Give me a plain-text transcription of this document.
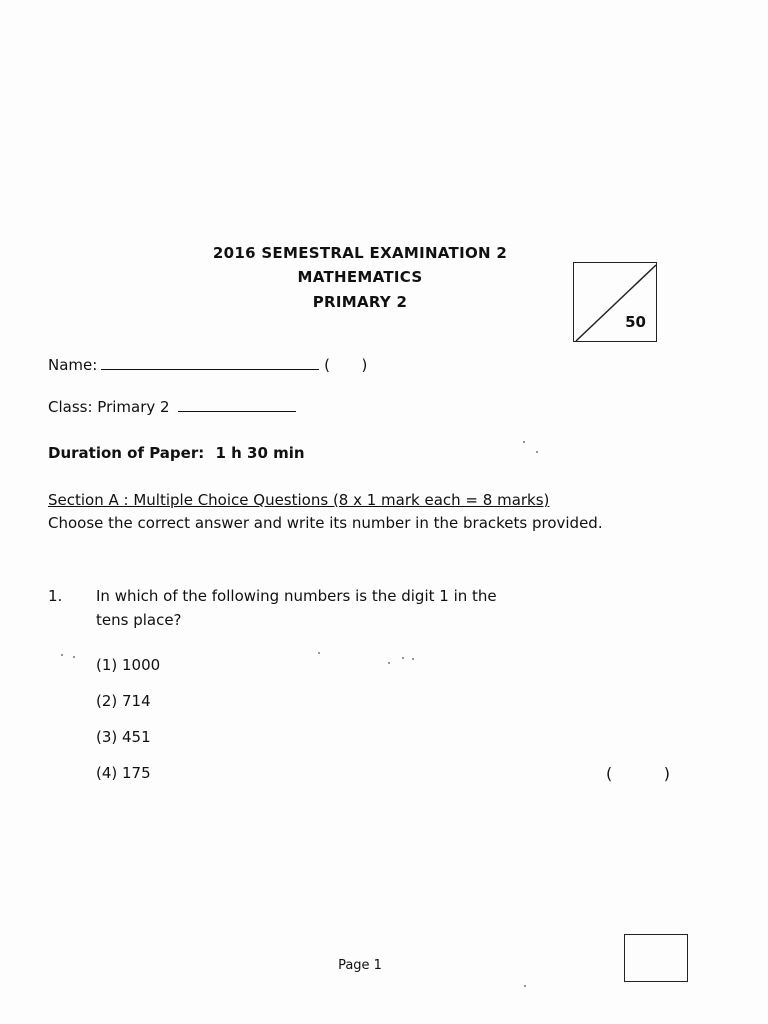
2016 SEMESTRAL EXAMINATION 2
MATHEMATICS
PRIMARY 2
50
Name:	( )
Class: Primary 2
Duration of Paper: 1 h 30 min
Section A : Multiple Choice Questions (8 x 1 mark each = 8 marks)
Choose the correct answer and write its number in the brackets provided.
1. In which of the following numbers is the digit 1 in the
tens place?
(1) 1000
(2) 714
(3) 451
(4) 175	(	)
Page 1
